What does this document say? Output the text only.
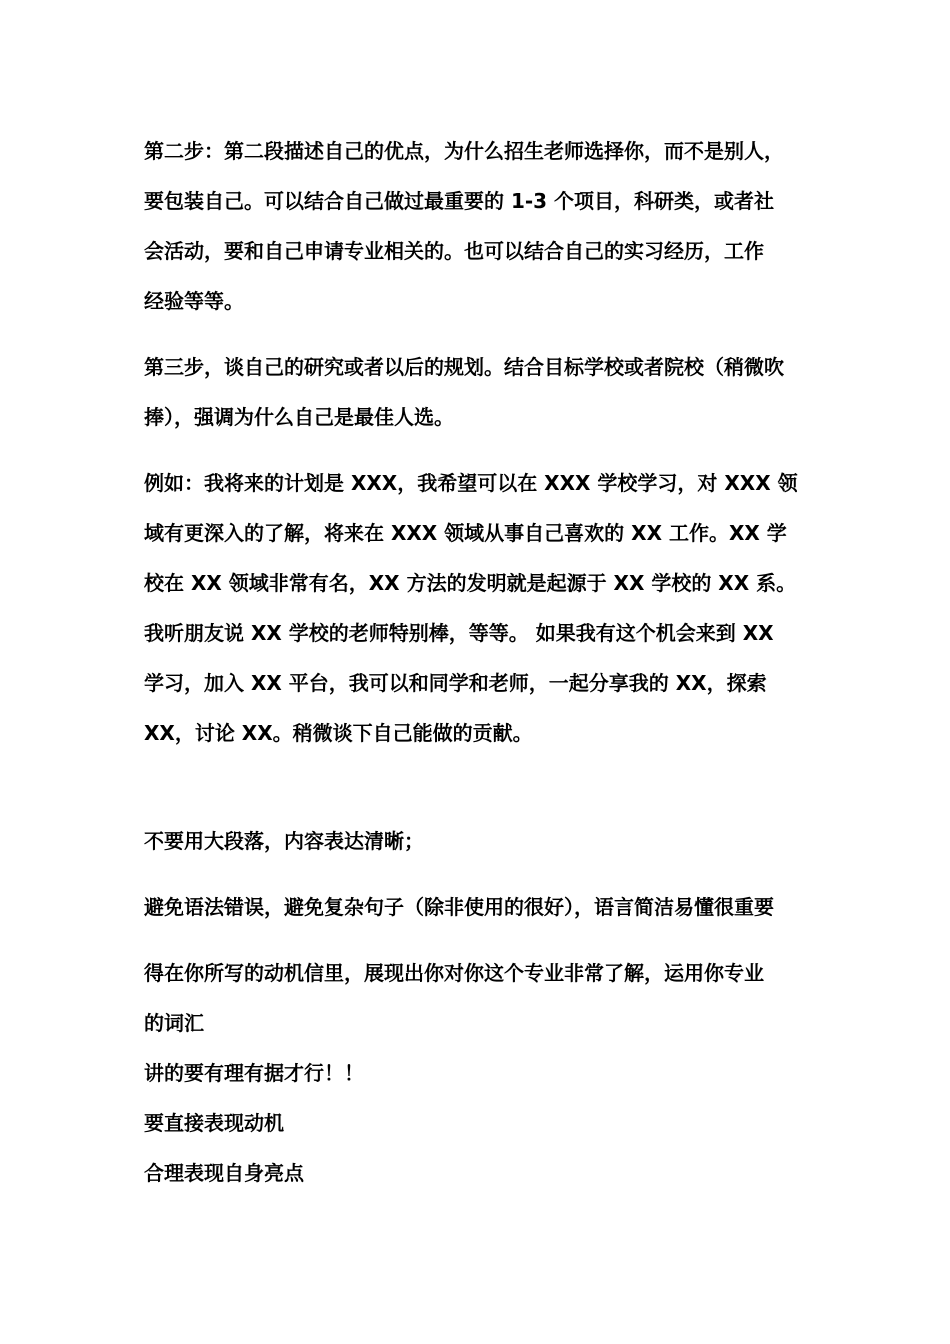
第二步：第二段描述自己的优点，为什么招生老师选择你，而不是别人，
要包装自己。可以结合自己做过最重要的 1-3 个项目，科研类，或者社
会活动，要和自己申请专业相关的。也可以结合自己的实习经历，工作
经验等等。
第三步，谈自己的研究或者以后的规划。结合目标学校或者院校（稍微吹
捧），强调为什么自己是最佳人选。
例如：我将来的计划是 XXX，我希望可以在 XXX 学校学习，对 XXX 领
域有更深入的了解，将来在 XXX 领域从事自己喜欢的 XX 工作。XX 学
校在 XX 领域非常有名，XX 方法的发明就是起源于 XX 学校的 XX 系。
我听朋友说 XX 学校的老师特别棒，等等。 如果我有这个机会来到 XX
学习，加入 XX 平台，我可以和同学和老师，一起分享我的 XX，探索
XX，讨论 XX。稍微谈下自己能做的贡献。
不要用大段落，内容表达清晰；
避免语法错误，避免复杂句子（除非使用的很好），语言简洁易懂很重要
得在你所写的动机信里，展现出你对你这个专业非常了解，运用你专业
的词汇
讲的要有理有据才行！！
要直接表现动机
合理表现自身亮点
